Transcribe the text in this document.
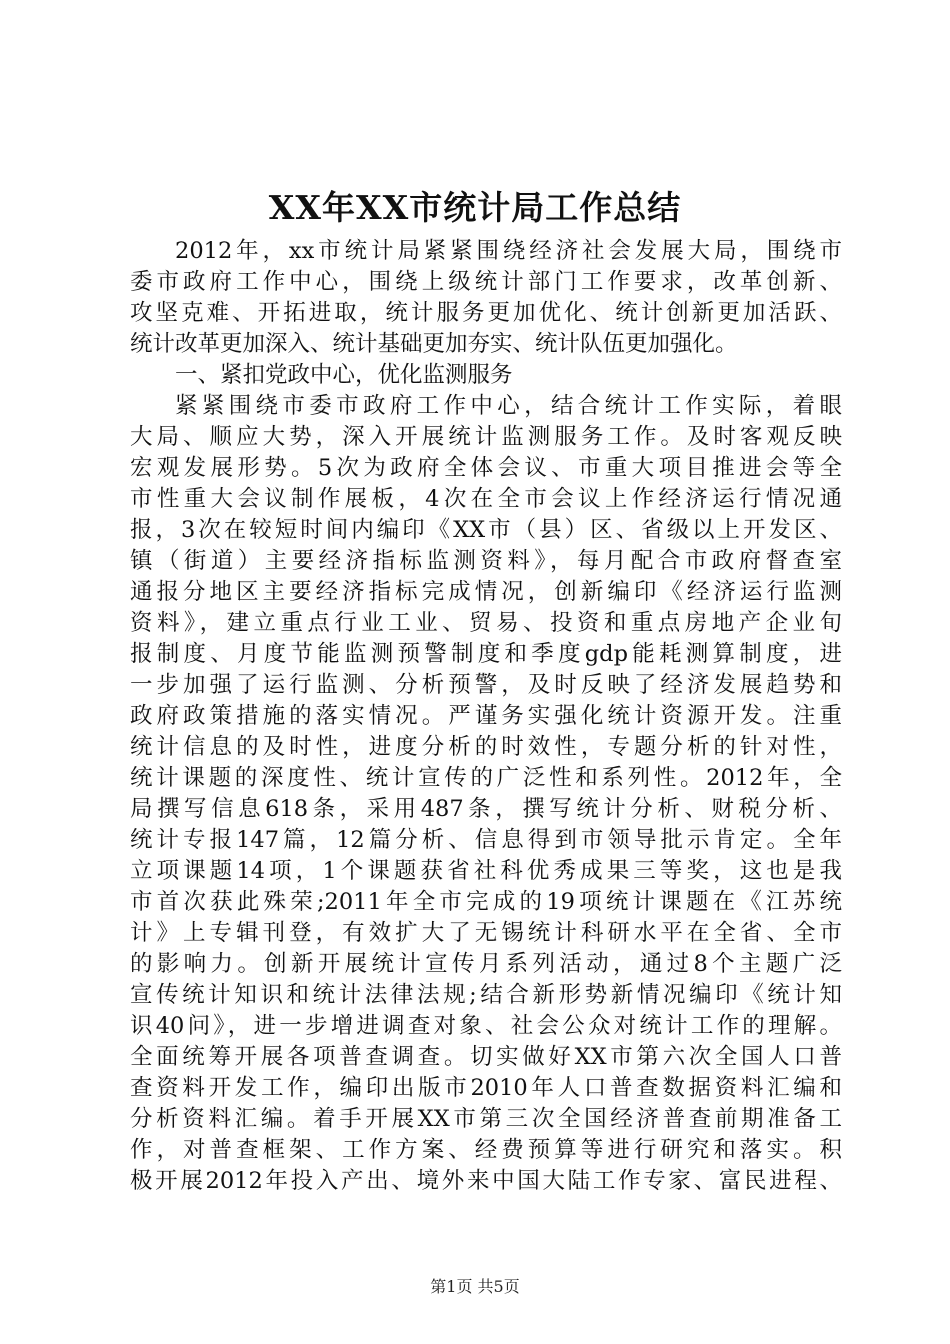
XX年XX市统计局工作总结

2012年，xx市统计局紧紧围绕经济社会发展大局，围绕市

委市政府工作中心，围绕上级统计部门工作要求，改革创新、

攻坚克难、开拓进取，统计服务更加优化、统计创新更加活跃、

统计改革更加深入、统计基础更加夯实、统计队伍更加强化。

一、紧扣党政中心，优化监测服务

紧紧围绕市委市政府工作中心，结合统计工作实际，着眼

大局、顺应大势，深入开展统计监测服务工作。及时客观反映

宏观发展形势。5次为政府全体会议、市重大项目推进会等全

市性重大会议制作展板，4次在全市会议上作经济运行情况通

报，3次在较短时间内编印《XX市（县）区、省级以上开发区、

镇（街道）主要经济指标监测资料》，每月配合市政府督查室

通报分地区主要经济指标完成情况，创新编印《经济运行监测

资料》，建立重点行业工业、贸易、投资和重点房地产企业旬

报制度、月度节能监测预警制度和季度gdp能耗测算制度，进

一步加强了运行监测、分析预警，及时反映了经济发展趋势和

政府政策措施的落实情况。严谨务实强化统计资源开发。注重

统计信息的及时性，进度分析的时效性，专题分析的针对性，

统计课题的深度性、统计宣传的广泛性和系列性。2012年，全

局撰写信息618条，采用487条，撰写统计分析、财税分析、

统计专报147篇，12篇分析、信息得到市领导批示肯定。全年

立项课题14项，1个课题获省社科优秀成果三等奖，这也是我

市首次获此殊荣;2011年全市完成的19项统计课题在《江苏统

计》上专辑刊登，有效扩大了无锡统计科研水平在全省、全市

的影响力。创新开展统计宣传月系列活动，通过8个主题广泛

宣传统计知识和统计法律法规;结合新形势新情况编印《统计知

识40问》，进一步增进调查对象、社会公众对统计工作的理解。

全面统筹开展各项普查调查。切实做好XX市第六次全国人口普

查资料开发工作，编印出版市2010年人口普查数据资料汇编和

分析资料汇编。着手开展XX市第三次全国经济普查前期准备工

作，对普查框架、工作方案、经费预算等进行研究和落实。积

极开展2012年投入产出、境外来中国大陆工作专家、富民进程、

第1页 共5页
